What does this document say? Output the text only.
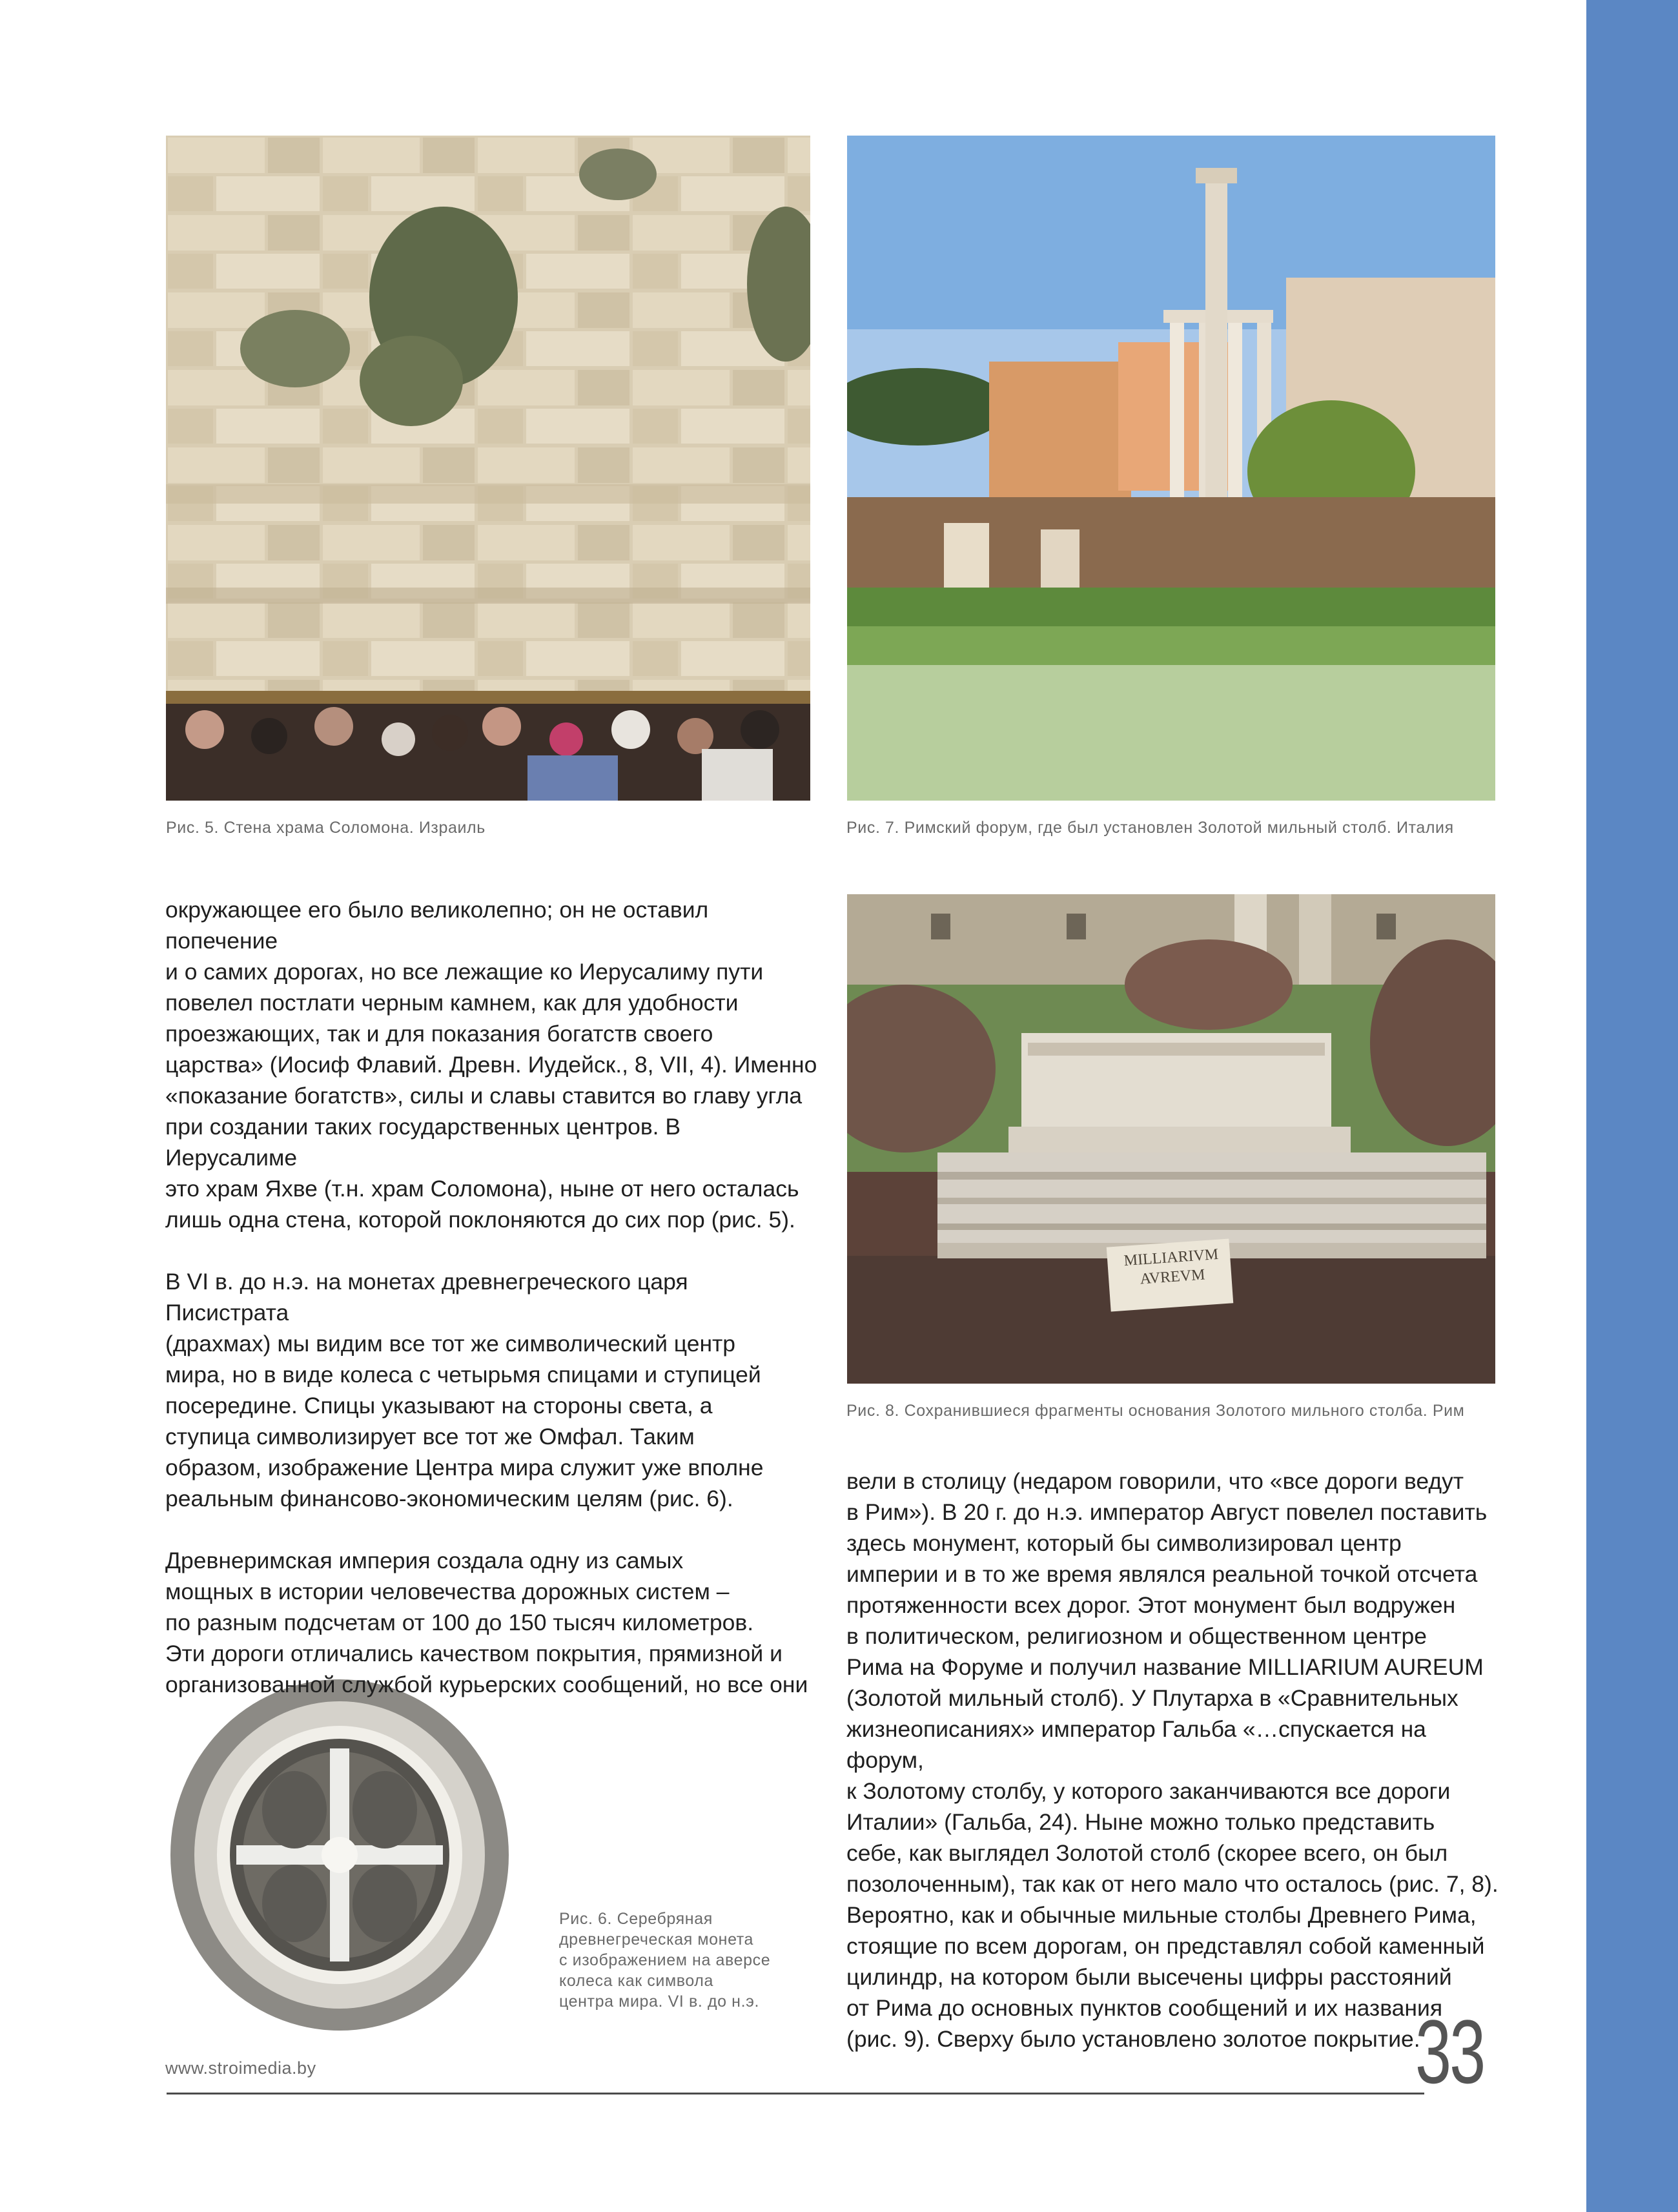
Рис. 5. Стена храма Соломона. Израиль	Рис. 7. Римский форум, где был установлен Золотой мильный столб. Италия
MILLIARIVM
AVREVM
Рис. 8. Сохранившиеся фрагменты основания Золотого мильного столба. Рим
Рис. 6. Серебряная
древнегреческая монета
с изображением на аверсе
колеса как символа
центра мира. VI в. до н.э.

окружающее его было великолепно; он не оставил попечение
и о самих дорогах, но все лежащие ко Иерусалиму пути
повелел постлати черным камнем, как для удобности
проезжающих, так и для показания богатств своего
царства» (Иосиф Флавий. Древн. Иудейск., 8, VII, 4). Именно
«показание богатств», силы и славы ставится во главу угла
при создании таких государственных центров. В Иерусалиме
это храм Яхве (т.н. храм Соломона), ныне от него осталась
лишь одна стена, которой поклоняются до сих пор (рис. 5).

В VI в. до н.э. на монетах древнегреческого царя Писистрата
(драхмах) мы видим все тот же символический центр
мира, но в виде колеса с четырьмя спицами и ступицей
посередине. Спицы указывают на стороны света, а
ступица символизирует все тот же Омфал. Таким
образом, изображение Центра мира служит уже вполне
реальным финансово-экономическим целям (рис. 6).

Древнеримская империя создала одну из самых
мощных в истории человечества дорожных систем –
по разным подсчетам от 100 до 150 тысяч километров.
Эти дороги отличались качеством покрытия, прямизной и
организованной службой курьерских сообщений, но все они

вели в столицу (недаром говорили, что «все дороги ведут
в Рим»). В 20 г. до н.э. император Август повелел поставить
здесь монумент, который бы символизировал центр
империи и в то же время являлся реальной точкой отсчета
протяженности всех дорог. Этот монумент был водружен
в политическом, религиозном и общественном центре
Рима на Форуме и получил название MILLIARIUM AUREUM
(Золотой мильный столб). У Плутарха в «Сравнительных
жизнеописаниях» император Гальба «…спускается на форум,
к Золотому столбу, у которого заканчиваются все дороги
Италии» (Гальба, 24). Ныне можно только представить
себе, как выглядел Золотой столб (скорее всего, он был
позолоченным), так как от него мало что осталось (рис. 7, 8).
Вероятно, как и обычные мильные столбы Древнего Рима,
стоящие по всем дорогам, он представлял собой каменный
цилиндр, на котором были высечены цифры расстояний
от Рима до основных пунктов сообщений и их названия
(рис. 9). Сверху было установлено золотое покрытие.

www.stroimedia.by	33
